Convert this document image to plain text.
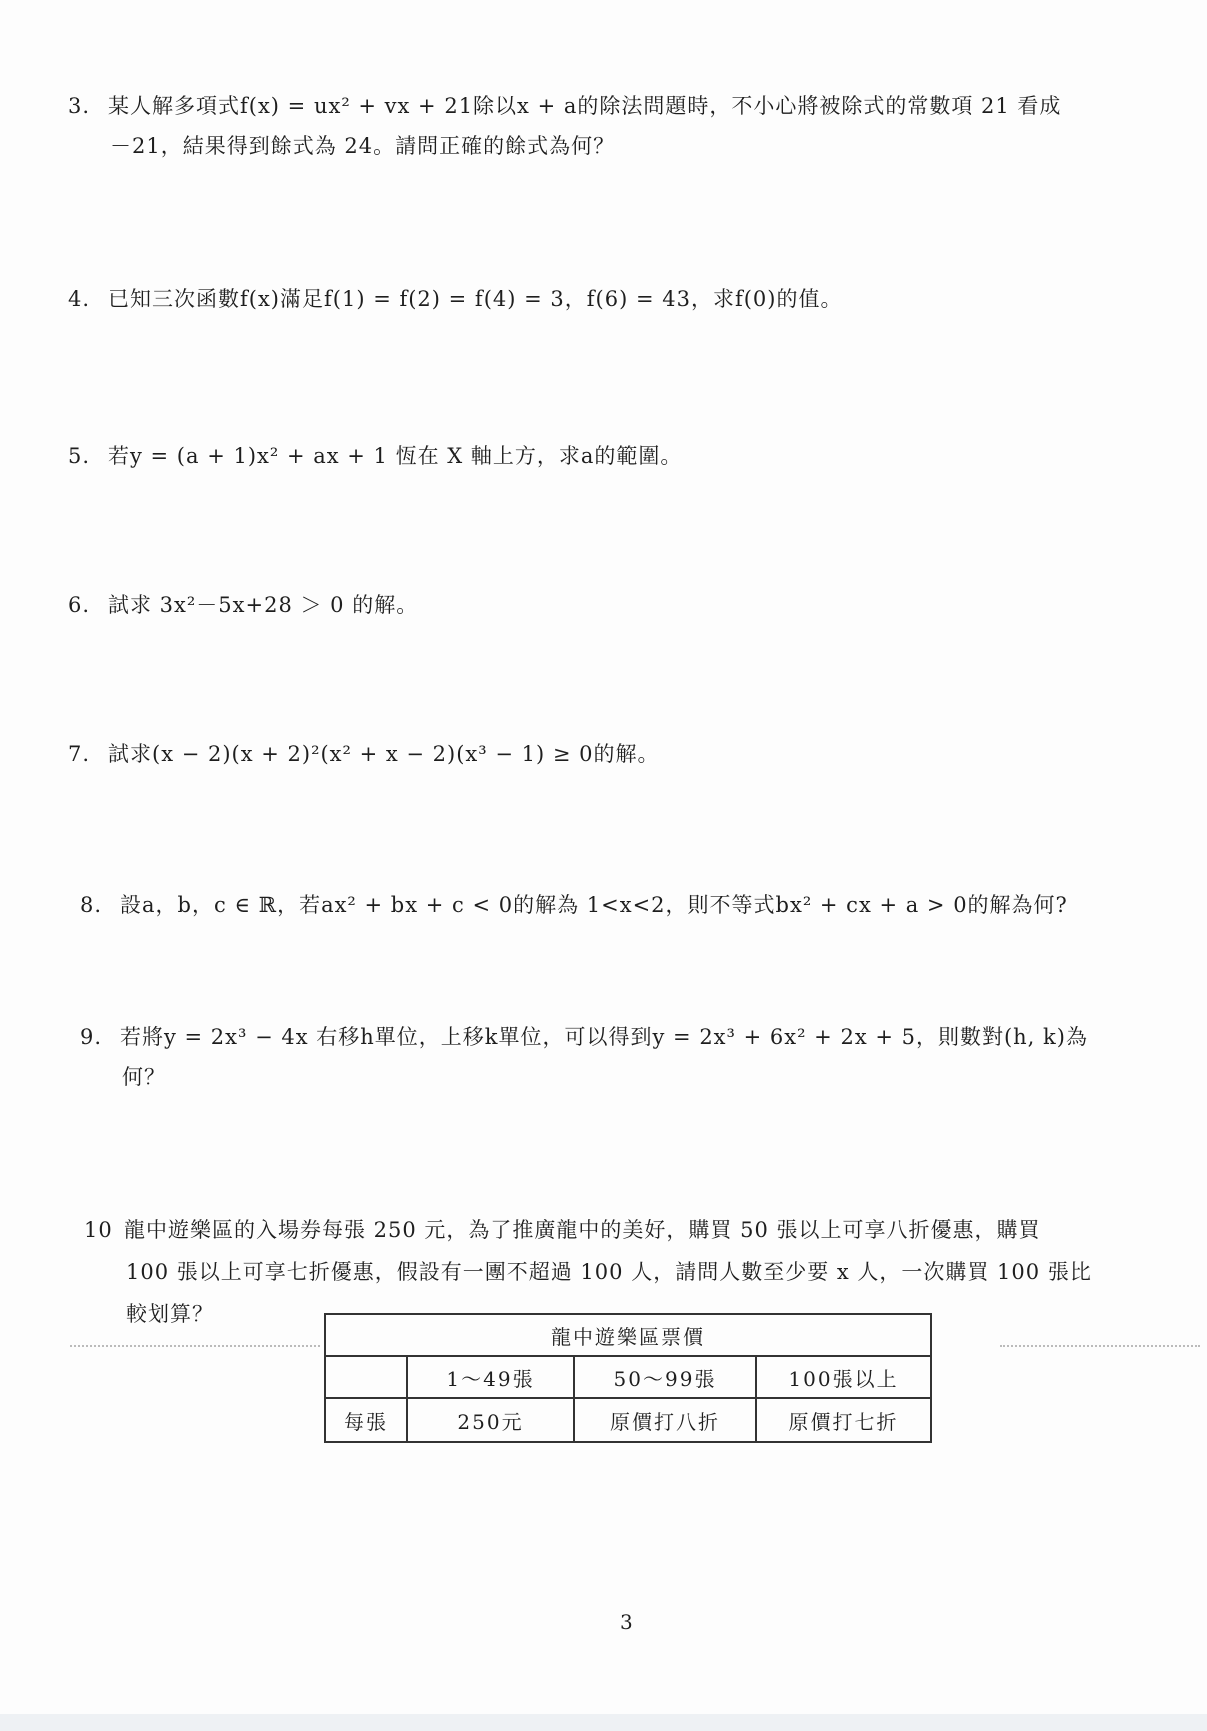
3. 某人解多項式f(x) = ux² + vx + 21除以x + a的除法問題時，不小心將被除式的常數項 21 看成
－21，結果得到餘式為 24。請問正確的餘式為何？
4. 已知三次函數f(x)滿足f(1) = f(2) = f(4) = 3，f(6) = 43，求f(0)的值。
5. 若y = (a + 1)x² + ax + 1 恆在 X 軸上方，求a的範圍。
6. 試求 3x²－5x+28 ＞ 0 的解。
7. 試求(x − 2)(x + 2)²(x² + x − 2)(x³ − 1) ≥ 0的解。
8. 設a，b，c ∈ ℝ，若ax² + bx + c < 0的解為 1<x<2，則不等式bx² + cx + a > 0的解為何?
9. 若將y = 2x³ − 4x 右移h單位，上移k單位，可以得到y = 2x³ + 6x² + 2x + 5，則數對(h, k)為
何？
10 龍中遊樂區的入場券每張 250 元，為了推廣龍中的美好，購買 50 張以上可享八折優惠，購買
100 張以上可享七折優惠，假設有一團不超過 100 人，請問人數至少要 x 人，一次購買 100 張比
較划算？
龍中遊樂區票價			
	1～49張	50～99張	100張以上
每張	250元	原價打八折	原價打七折
3
